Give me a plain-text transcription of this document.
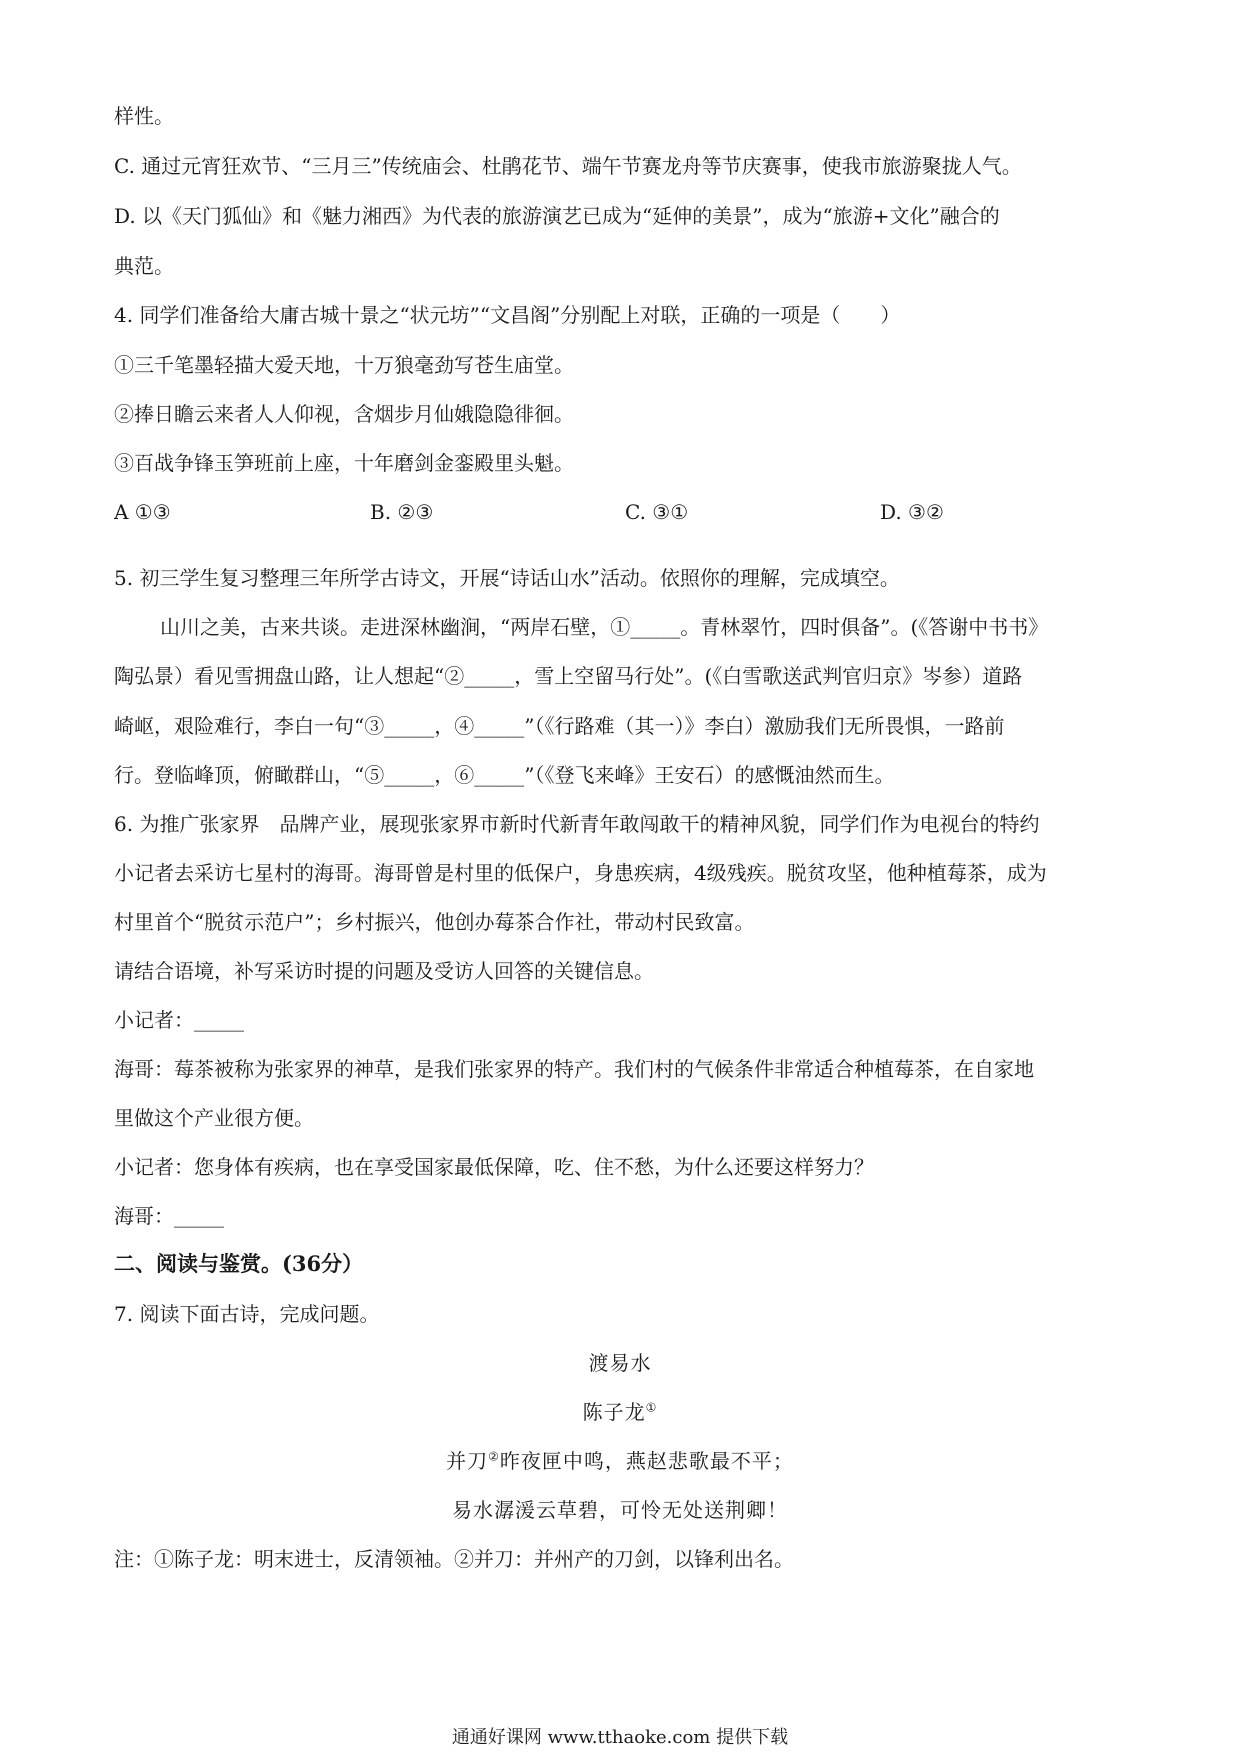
样性。
C. 通过元宵狂欢节、“三月三”传统庙会、杜鹃花节、端午节赛龙舟等节庆赛事，使我市旅游聚拢人气。
D. 以《天门狐仙》和《魅力湘西》为代表的旅游演艺已成为“延伸的美景”，成为“旅游+文化”融合的
典范。
4. 同学们准备给大庸古城十景之“状元坊”“文昌阁”分别配上对联，正确的一项是（　　）
①三千笔墨轻描大爱天地，十万狼毫劲写苍生庙堂。
②捧日瞻云来者人人仰视，含烟步月仙娥隐隐徘徊。
③百战争锋玉笋班前上座，十年磨剑金銮殿里头魁。
A ①③	B. ②③	C. ③①	D. ③②
5. 初三学生复习整理三年所学古诗文，开展“诗话山水”活动。依照你的理解，完成填空。
山川之美，古来共谈。走进深林幽涧，“两岸石壁，①_____。青林翠竹，四时俱备”。(《答谢中书书》
陶弘景）看见雪拥盘山路，让人想起“②_____，雪上空留马行处”。(《白雪歌送武判官归京》岑参）道路
崎岖，艰险难行，李白一句“③_____，④_____”（《行路难（其一）》李白）激励我们无所畏惧，一路前
行。登临峰顶，俯瞰群山，“⑤_____，⑥_____”（《登飞来峰》王安石）的感慨油然而生。
6. 为推广张家界　品牌产业，展现张家界市新时代新青年敢闯敢干的精神风貌，同学们作为电视台的特约
小记者去采访七星村的海哥。海哥曾是村里的低保户，身患疾病，4级残疾。脱贫攻坚，他种植莓茶，成为
村里首个“脱贫示范户”；乡村振兴，他创办莓茶合作社，带动村民致富。
请结合语境，补写采访时提的问题及受访人回答的关键信息。
小记者：_____
海哥：莓茶被称为张家界的神草，是我们张家界的特产。我们村的气候条件非常适合种植莓茶，在自家地
里做这个产业很方便。
小记者：您身体有疾病，也在享受国家最低保障，吃、住不愁，为什么还要这样努力？
海哥：_____
二、阅读与鉴赏。(36分）
7. 阅读下面古诗，完成问题。
渡易水
陈子龙①
并刀②昨夜匣中鸣，燕赵悲歌最不平；
易水潺湲云草碧，可怜无处送荆卿！
注：①陈子龙：明末进士，反清领袖。②并刀：并州产的刀剑，以锋利出名。
通通好课网 www.tthaoke.com 提供下载
